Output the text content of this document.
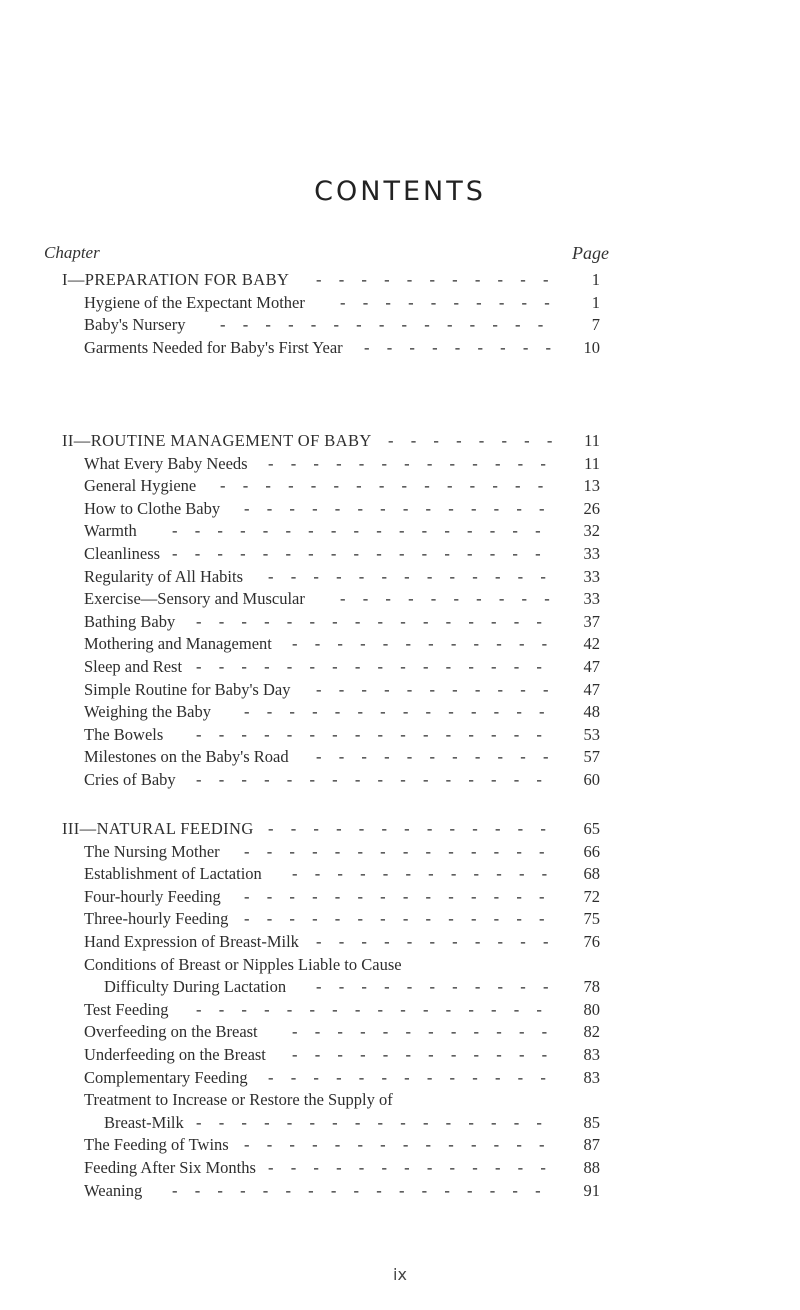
CONTENTS
Chapter	Page
I—PREPARATION FOR BABY -----------	1
Hygiene of the Expectant Mother ----------	1
Baby's Nursery ---------------	7
Garments Needed for Baby's First Year --------- 10
II—ROUTINE MANAGEMENT OF BABY -------- 11
What Every Baby Needs -------------	11
General Hygiene ---------------	13
How to Clothe Baby --------------	26
Warmth -----------------	32
Cleanliness -----------------	33
Regularity of All Habits -------------	33
Exercise—Sensory and Muscular ----------	33
Bathing Baby ----------------	37
Mothering and Management ------------	42
Sleep and Rest ----------------	47
Simple Routine for Baby's Day -----------	47
Weighing the Baby --------------	48
The Bowels ----------------	53
Milestones on the Baby's Road -----------	57
Cries of Baby ----------------	60
III—NATURAL FEEDING -------------	65
The Nursing Mother --------------	66
Establishment of Lactation ------------	68
Four-hourly Feeding --------------	72
Three-hourly Feeding --------------	75
Hand Expression of Breast-Milk -----------	76
Conditions of Breast or Nipples Liable to Cause
Difficulty During Lactation -----------	78
Test Feeding ----------------	80
Overfeeding on the Breast ------------	82
Underfeeding on the Breast ------------	83
Complementary Feeding -------------	83
Treatment to Increase or Restore the Supply of
Breast-Milk ----------------	85
The Feeding of Twins --------------	87
Feeding After Six Months -------------	88
Weaning -----------------	91
ix
